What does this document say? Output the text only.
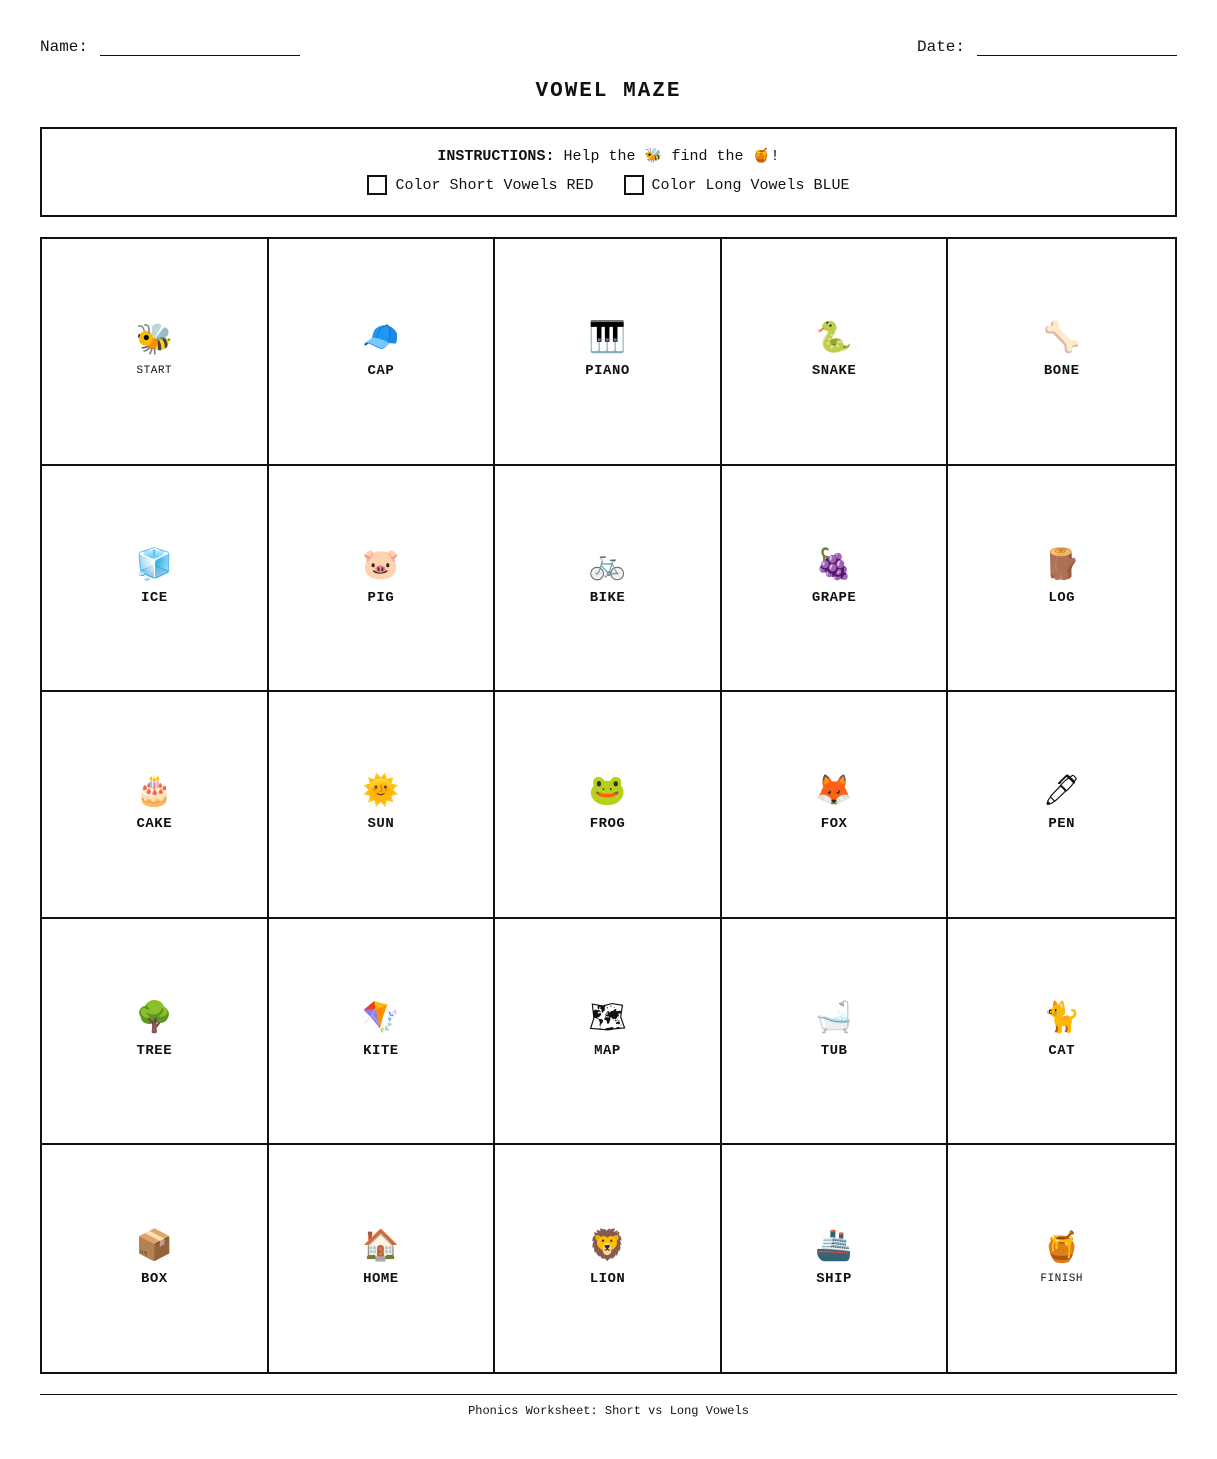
Name:	Date:
VOWEL MAZE
INSTRUCTIONS: Help the 🐝 find the 🍯!
Color Short Vowels RED	Color Long Vowels BLUE
🐝
START
🧢
CAP
🎹
PIANO
🐍
SNAKE
🦴
BONE
🧊
ICE
🐷
PIG
🚲
BIKE
🍇
GRAPE
🪵
LOG
🎂
CAKE
🌞
SUN
🐸
FROG
🦊
FOX
🖊
PEN
🌳
TREE
🪁
KITE
🗺
MAP
🛁
TUB
🐈
CAT
📦
BOX
🏠
HOME
🦁
LION
🚢
SHIP
🍯
FINISH
Phonics Worksheet: Short vs Long Vowels
